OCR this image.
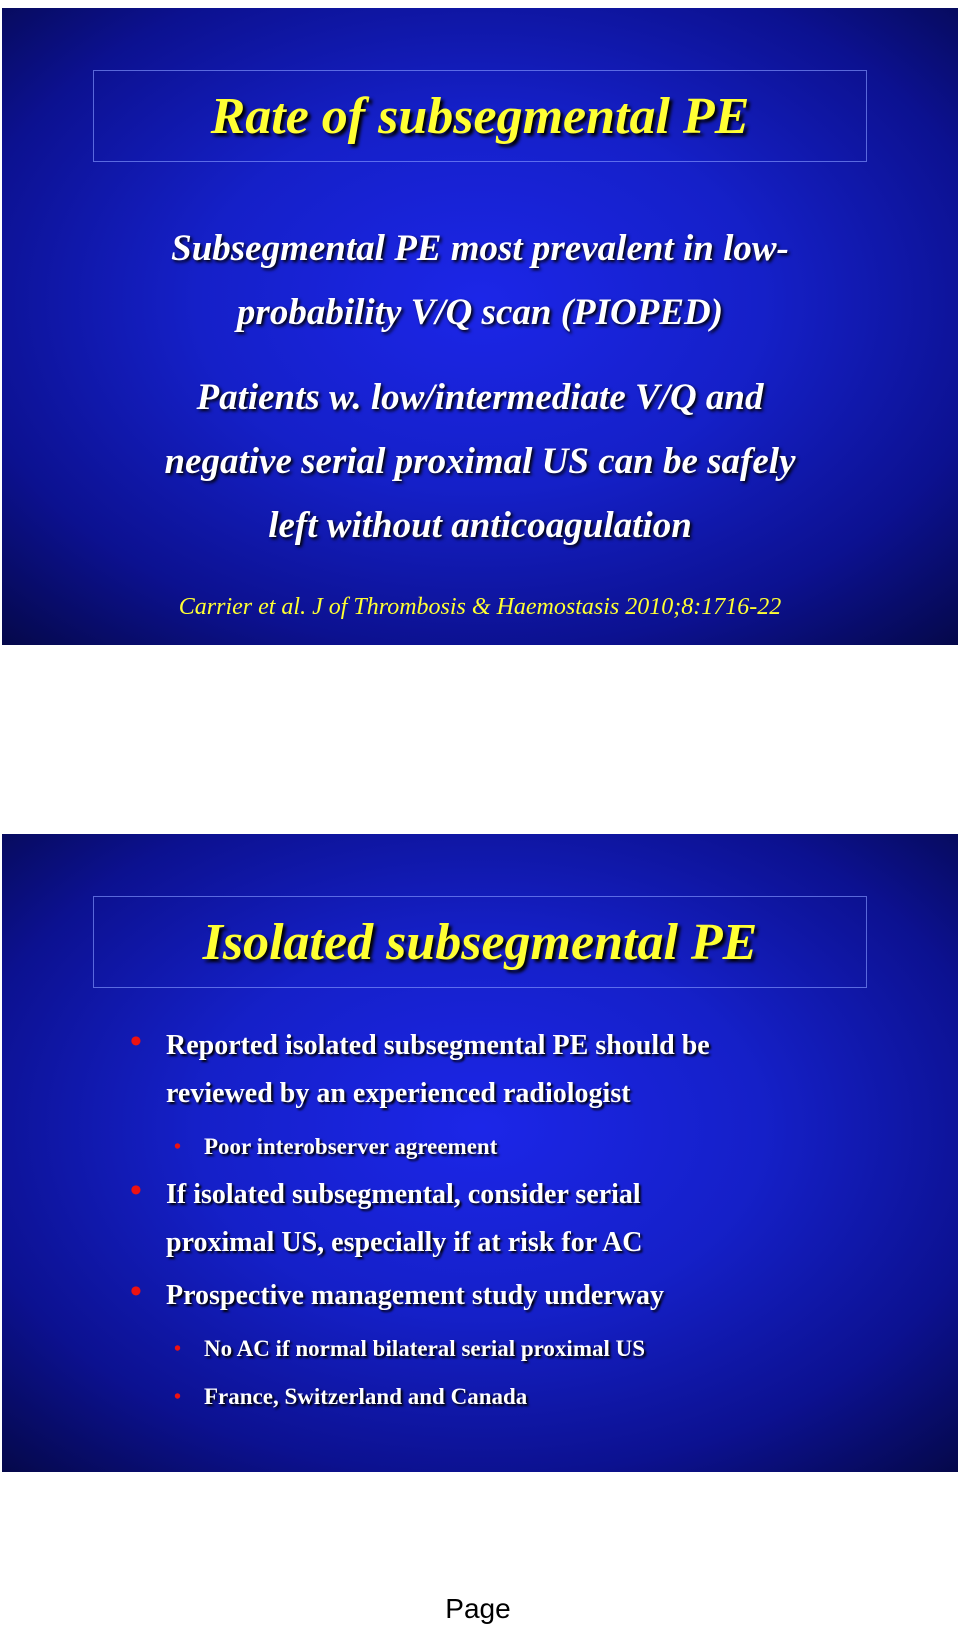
Rate of subsegmental PE
Subsegmental PE most prevalent in low-
probability V/Q scan (PIOPED)
Patients w. low/intermediate V/Q and
negative serial proximal US can be safely
left without anticoagulation
Carrier et al. J of Thrombosis & Haemostasis 2010;8:1716-22
Isolated subsegmental PE
• Reported isolated subsegmental PE should be
reviewed by an experienced radiologist
• Poor interobserver agreement
• If isolated subsegmental, consider serial
proximal US, especially if at risk for AC
• Prospective management study underway
• No AC if normal bilateral serial proximal US
• France, Switzerland and Canada
Page
